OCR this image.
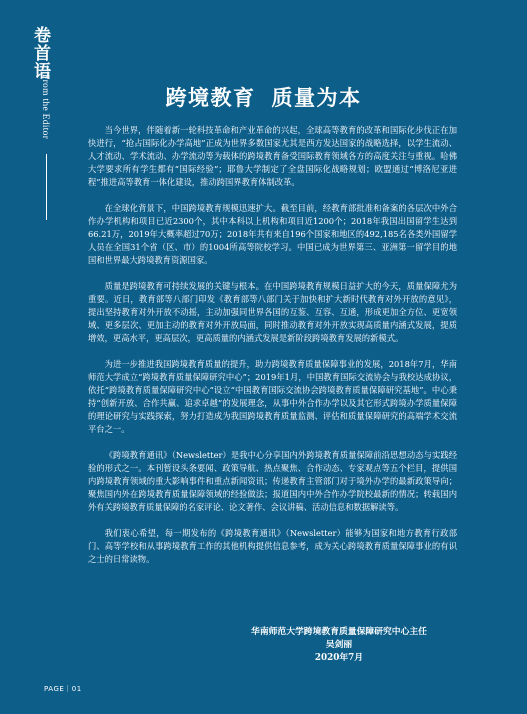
卷首语
From the Editor	跨境教育 质量为本

当今世界，伴随着新一轮科技革命和产业革命的兴起，全球高等教育的改革和国际化步伐正在加快进行，“抢占国际化办学高地”正成为世界多数国家尤其是西方发达国家的战略选择，以学生流动、人才流动、学术流动、办学流动等为载体的跨境教育备受国际教育领域各方的高度关注与重视。哈佛大学要求所有学生都有“国际经验”；耶鲁大学制定了全盘国际化战略规划；欧盟通过“博洛尼亚进程”推进高等教育一体化建设，推动跨国界教育体制改革。

在全球化背景下，中国跨境教育规模迅速扩大。截至目前，经教育部批准和备案的各层次中外合作办学机构和项目已近2300个，其中本科以上机构和项目近1200个；2018年我国出国留学生达到66.21万，2019年大概率超过70万；2018年共有来自196个国家和地区的492,185名各类外国留学人员在全国31个省（区、市）的1004所高等院校学习。中国已成为世界第三、亚洲第一留学目的地国和世界最大跨境教育资源国家。

质量是跨境教育可持续发展的关键与根本。在中国跨境教育规模日益扩大的今天，质量保障尤为重要。近日，教育部等八部门印发《教育部等八部门关于加快和扩大新时代教育对外开放的意见》，提出坚持教育对外开放不动摇，主动加强同世界各国的互鉴、互容、互通，形成更加全方位、更宽领域、更多层次、更加主动的教育对外开放局面，同时推动教育对外开放实现高质量内涵式发展，提质增效，更高水平，更高层次，更高质量的内涵式发展是新阶段跨境教育发展的新模式。

为进一步推进我国跨境教育质量的提升，助力跨境教育质量保障事业的发展，2018年7月，华南师范大学成立“跨境教育质量保障研究中心”；2019年1月，中国教育国际交流协会与我校达成协议，依托“跨境教育质量保障研究中心”设立“中国教育国际交流协会跨境教育质量保障研究基地”。中心秉持“创新开放、合作共赢、追求卓越”的发展理念，从事中外合作办学以及其它形式跨境办学质量保障的理论研究与实践探索，努力打造成为我国跨境教育质量监测、评估和质量保障研究的高端学术交流平台之一。

《跨境教育通讯》（Newsletter）是我中心分享国内外跨境教育质量保障前沿思想动态与实践经验的形式之一。本刊暂设头条要闻、政策导航、热点聚焦、合作动态、专家观点等五个栏目，提供国内跨境教育领域的重大影响事件和重点新闻资讯；传递教育主管部门对于境外办学的最新政策导向；聚焦国内外在跨境教育质量保障领域的经验做法；报道国内中外合作办学院校最新的情况；转载国内外有关跨境教育质量保障的名家评论、论文著作、会议讲稿、活动信息和数据解读等。

我们衷心希望，每一期发布的《跨境教育通讯》（Newsletter）能够为国家和地方教育行政部门、高等学校和从事跨境教育工作的其他机构提供信息参考，成为关心跨境教育质量保障事业的有识之士的日常读物。

华南师范大学跨境教育质量保障研究中心主任
吴剑丽
2020年7月
PAGE｜01
